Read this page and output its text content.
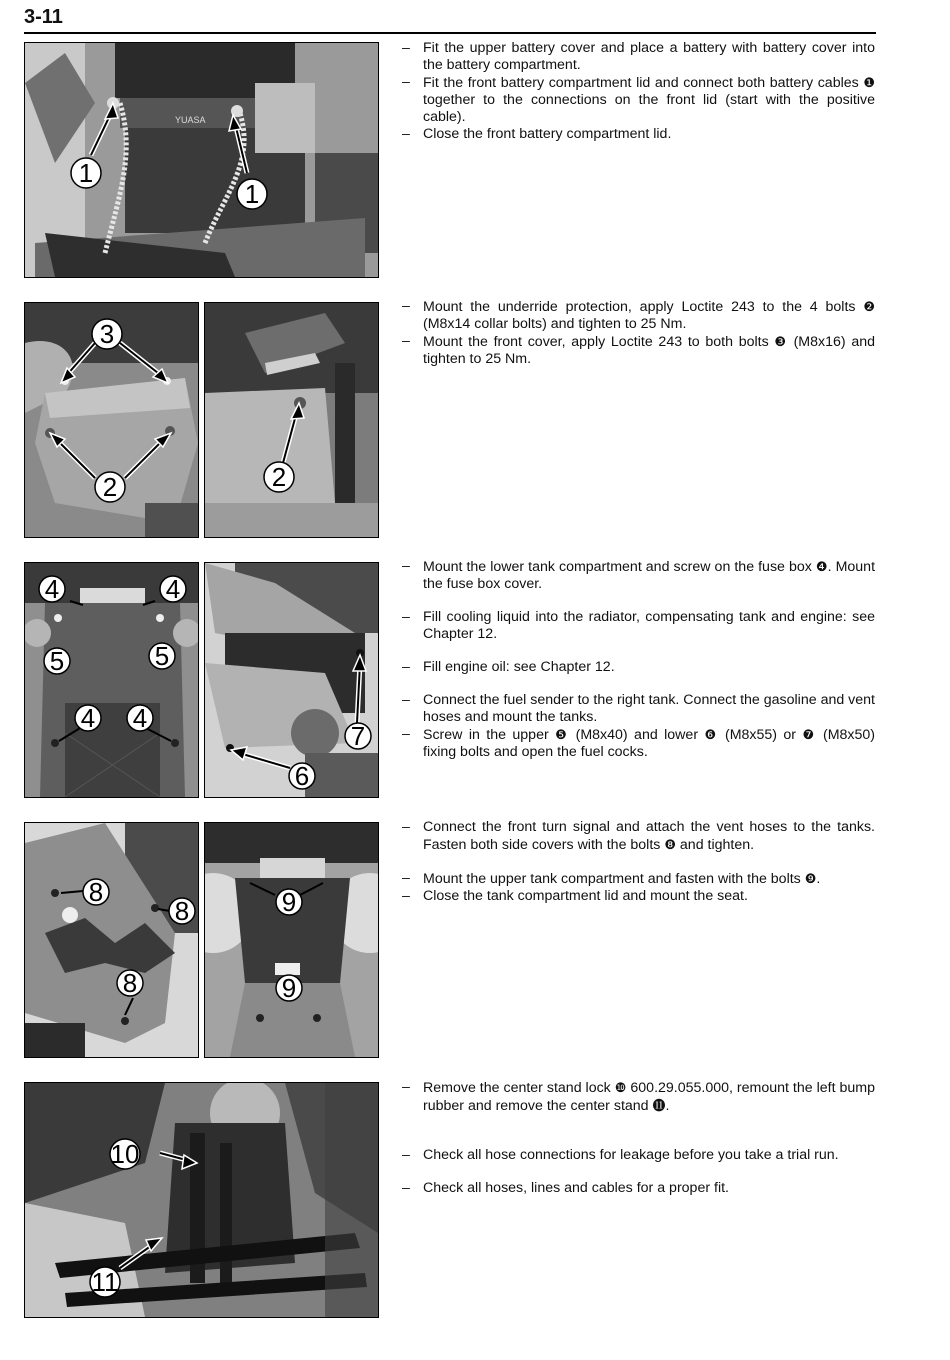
3-11
YUASA
1
1

– Fit the upper battery cover and place a battery with battery cover into the battery compartment.

– Fit the front battery compartment lid and connect both battery cables ❶ together to the connections on the front lid (start with the positive cable).

– Close the front battery compartment lid.

3
2	2

– Mount the underride protection, apply Loctite 243 to the 4 bolts ❷ (M8x14 collar bolts) and tighten to 25 Nm.

– Mount the front cover, apply Loctite 243 to both bolts ❸ (M8x16) and tighten to 25 Nm.

4	4
5	5
4 4
7
6

– Mount the lower tank compartment and screw on the fuse box ❹. Mount the fuse box cover.

– Fill cooling liquid into the radiator, compensating tank and engine: see Chapter 12.

– Fill engine oil: see Chapter 12.

– Connect the fuel sender to the right tank. Connect the gasoline and vent hoses and mount the tanks.

– Screw in the upper ❺ (M8x40) and lower ❻ (M8x55) or ❼ (M8x50) fixing bolts and open the fuel cocks.

8
8
8
9
9

– Connect the front turn signal and attach the vent hoses to the tanks. Fasten both side covers with the bolts ❽ and tighten.

– Mount the upper tank compartment and fasten with the bolts ❾.

– Close the tank compartment lid and mount the seat.

10
11

– Remove the center stand lock ❿ 600.29.055.000, remount the left bump rubber and remove the center stand ⓫.

– Check all hose connections for leakage before you take a trial run.

– Check all hoses, lines and cables for a proper fit.
